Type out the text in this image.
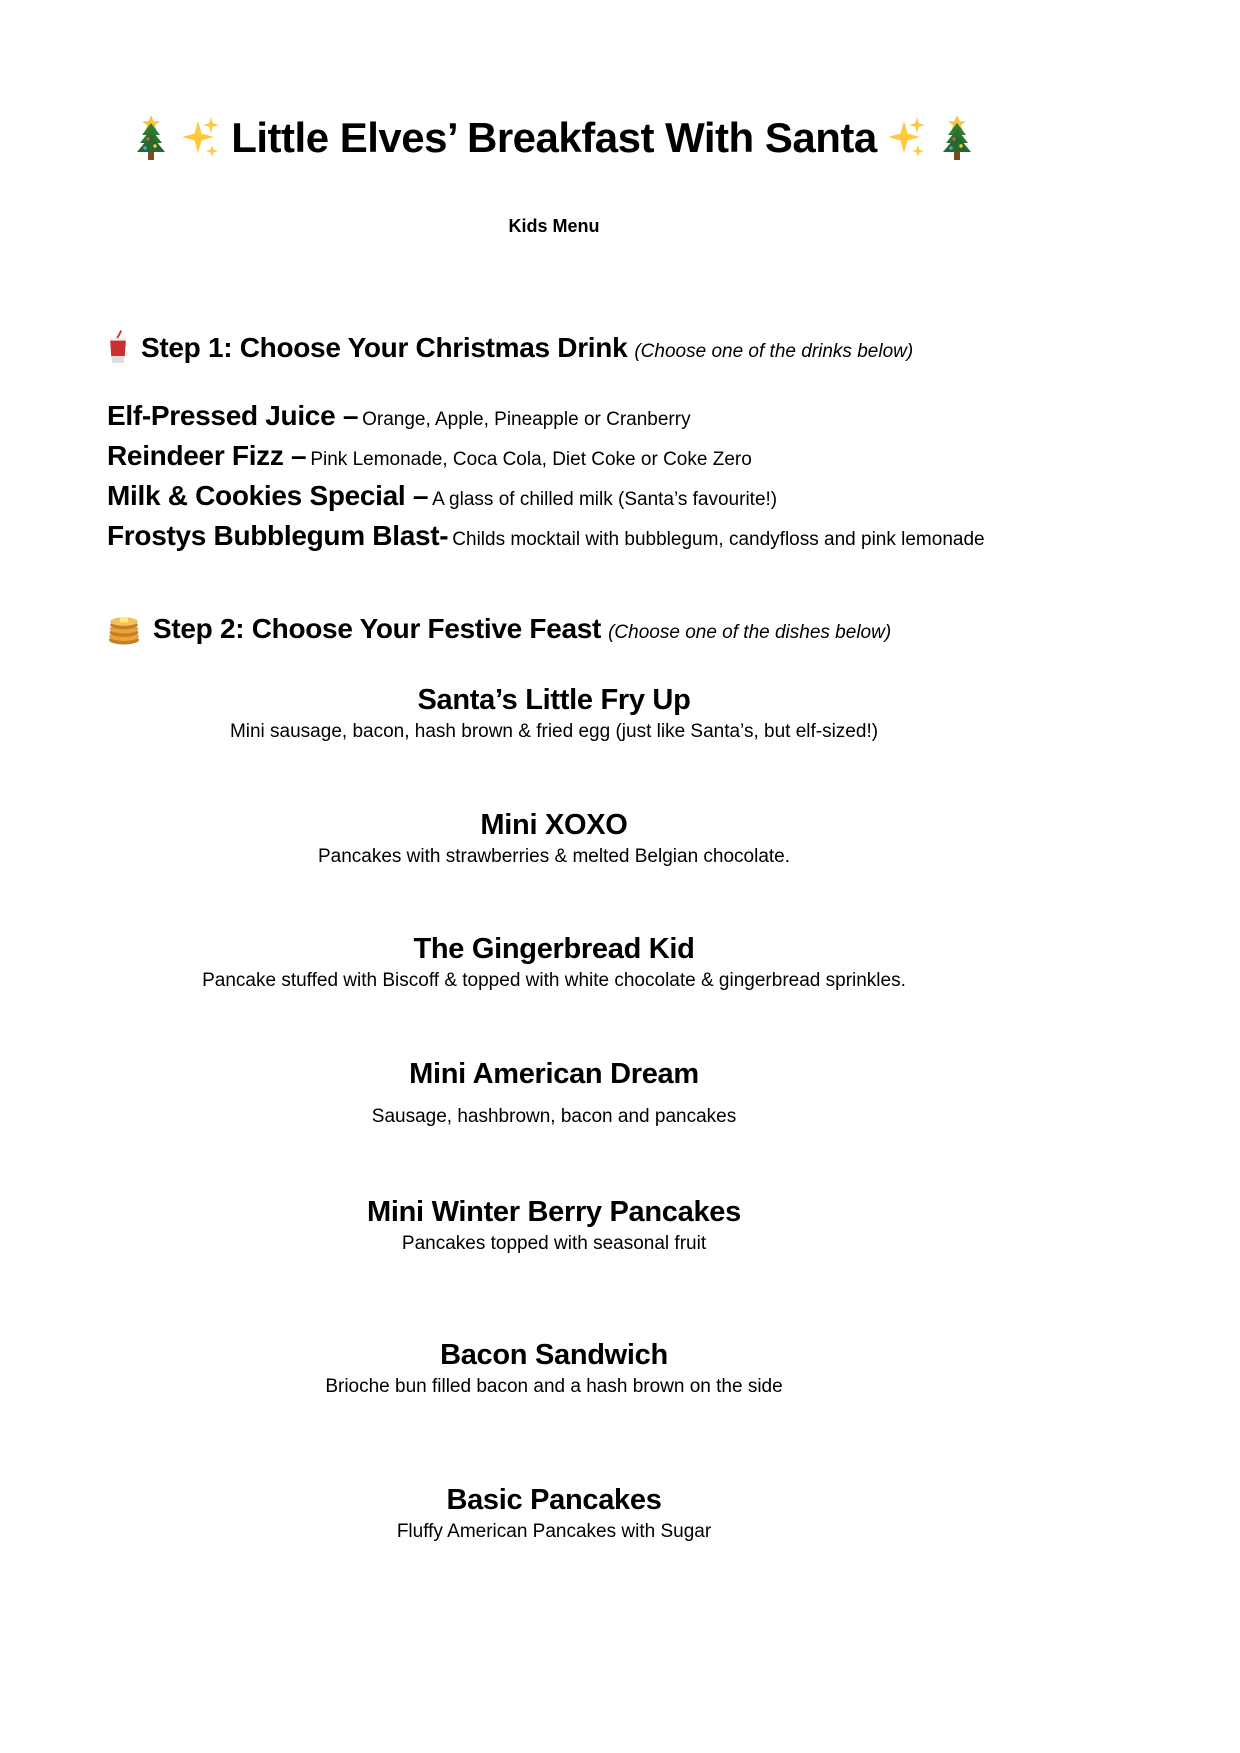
Little Elves’ Breakfast With Santa
Kids Menu
Step 1: Choose Your Christmas Drink (Choose one of the drinks below)
Elf-Pressed Juice – Orange, Apple, Pineapple or Cranberry
Reindeer Fizz – Pink Lemonade, Coca Cola, Diet Coke or Coke Zero
Milk & Cookies Special – A glass of chilled milk (Santa’s favourite!)
Frostys Bubblegum Blast- Childs mocktail with bubblegum, candyfloss and pink lemonade
Step 2: Choose Your Festive Feast (Choose one of the dishes below)
Santa’s Little Fry Up
Mini sausage, bacon, hash brown & fried egg (just like Santa’s, but elf-sized!)
Mini XOXO
Pancakes with strawberries & melted Belgian chocolate.
The Gingerbread Kid
Pancake stuffed with Biscoff & topped with white chocolate & gingerbread sprinkles.
Mini American Dream
Sausage, hashbrown, bacon and pancakes
Mini Winter Berry Pancakes
Pancakes topped with seasonal fruit
Bacon Sandwich
Brioche bun filled bacon and a hash brown on the side
Basic Pancakes
Fluffy American Pancakes with Sugar
